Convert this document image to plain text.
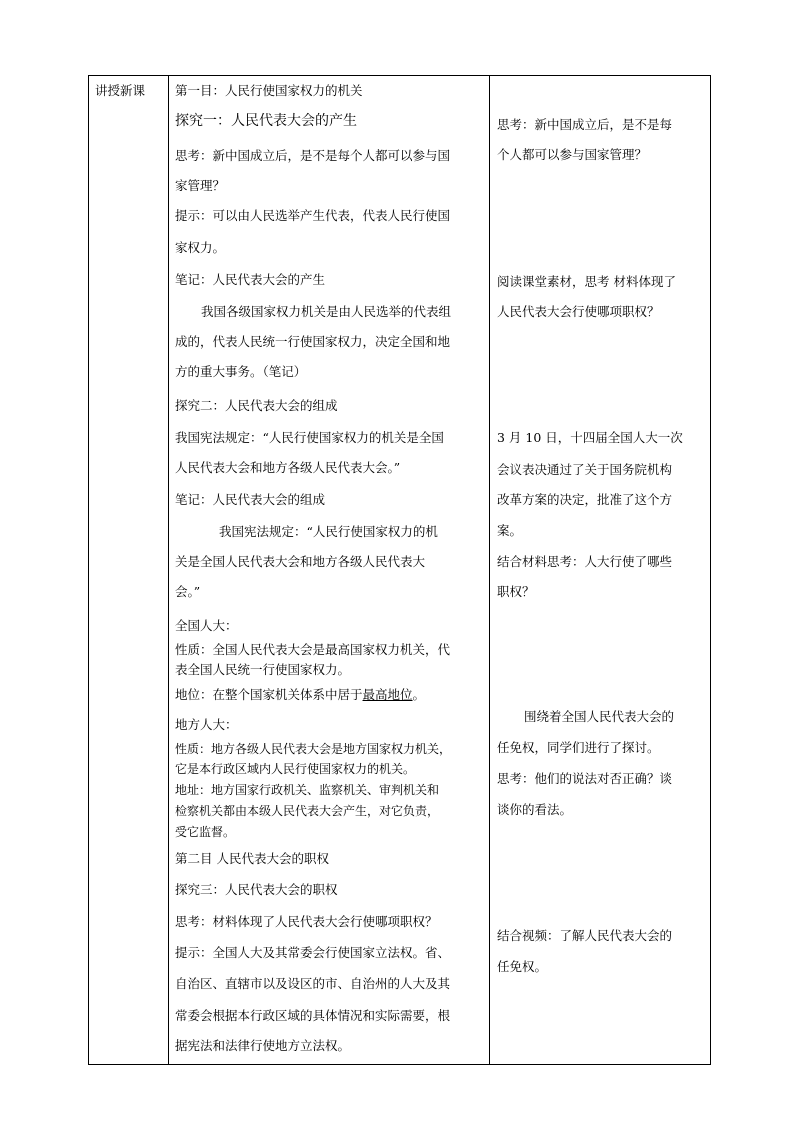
讲授新课 第一目：人民行使国家权力的机关
探究一：人民代表大会的产生
思考：新中国成立后，是不是每个人都可以参与国
家管理？
提示：可以由人民选举产生代表，代表人民行使国
家权力。
笔记：人民代表大会的产生
我国各级国家权力机关是由人民选举的代表组
成的，代表人民统一行使国家权力，决定全国和地
方的重大事务。（笔记）
探究二：人民代表大会的组成
我国宪法规定：“人民行使国家权力的机关是全国
人民代表大会和地方各级人民代表大会。”
笔记：人民代表大会的组成
我国宪法规定：“人民行使国家权力的机
关是全国人民代表大会和地方各级人民代表大
会。”
全国人大：
性质：全国人民代表大会是最高国家权力机关，代
表全国人民统一行使国家权力。
地位：在整个国家机关体系中居于最高地位。
地方人大：
性质：地方各级人民代表大会是地方国家权力机关，
它是本行政区域内人民行使国家权力的机关。
地址：地方国家行政机关、监察机关、审判机关和
检察机关都由本级人民代表大会产生，对它负责，
受它监督。
第二目 人民代表大会的职权
探究三：人民代表大会的职权
思考：材料体现了人民代表大会行使哪项职权？
提示：全国人大及其常委会行使国家立法权。省、
自治区、直辖市以及设区的市、自治州的人大及其
常委会根据本行政区域的具体情况和实际需要，根
据宪法和法律行使地方立法权。
思考：新中国成立后，是不是每
个人都可以参与国家管理？
阅读课堂素材，思考 材料体现了
人民代表大会行使哪项职权？
3 月 10 日，十四届全国人大一次
会议表决通过了关于国务院机构
改革方案的决定，批准了这个方
案。
结合材料思考：人大行使了哪些
职权？
围绕着全国人民代表大会的
任免权，同学们进行了探讨。
思考：他们的说法对否正确？谈
谈你的看法。
结合视频：了解人民代表大会的
任免权。
